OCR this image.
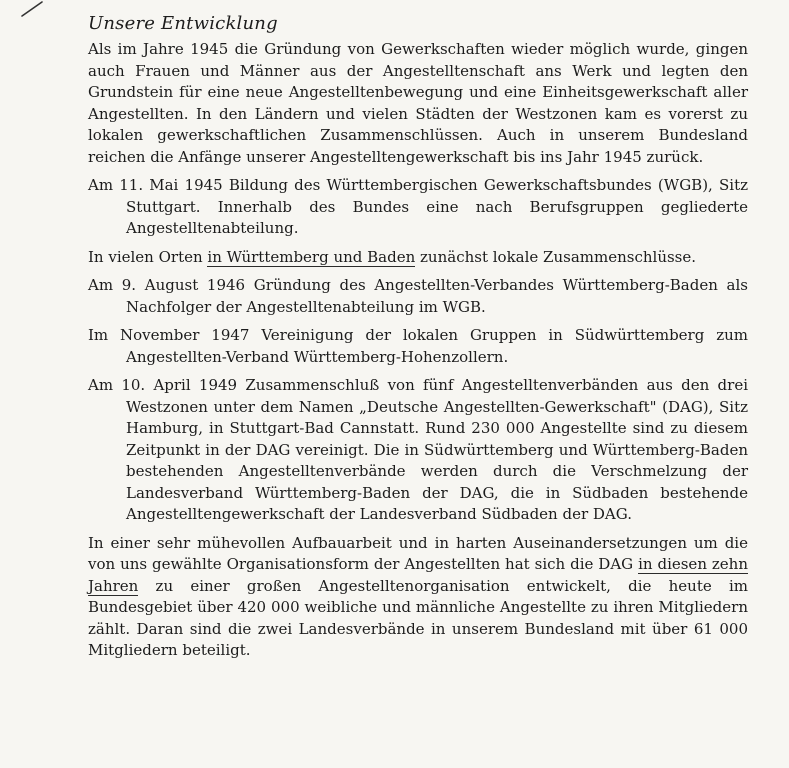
Unsere Entwicklung

Als im Jahre 1945 die Gründung von Gewerkschaften wieder möglich wurde, gingen auch Frauen und Männer aus der Angestelltenschaft ans Werk und legten den Grundstein für eine neue Angestelltenbewegung und eine Einheitsgewerkschaft aller Angestellten. In den Ländern und vielen Städten der Westzonen kam es vorerst zu lokalen gewerkschaftlichen Zusammenschlüssen. Auch in unserem Bundesland reichen die Anfänge unserer Angestelltengewerkschaft bis ins Jahr 1945 zurück.

Am 11. Mai 1945 Bildung des Württembergischen Gewerkschaftsbundes (WGB), Sitz Stuttgart. Innerhalb des Bundes eine nach Berufsgruppen gegliederte Angestelltenabteilung.

In vielen Orten in Württemberg und Baden zunächst lokale Zusammenschlüsse.

Am 9. August 1946 Gründung des Angestellten-Verbandes Württemberg-Baden als Nachfolger der Angestelltenabteilung im WGB.

Im November 1947 Vereinigung der lokalen Gruppen in Südwürttemberg zum Angestellten-Verband Württemberg-Hohenzollern.

Am 10. April 1949 Zusammenschluß von fünf Angestelltenverbänden aus den drei Westzonen unter dem Namen „Deutsche Angestellten-Gewerkschaft" (DAG), Sitz Hamburg, in Stuttgart-Bad Cannstatt. Rund 230 000 Angestellte sind zu diesem Zeitpunkt in der DAG vereinigt. Die in Südwürttemberg und Württemberg-Baden bestehenden Angestelltenverbände werden durch die Verschmelzung der Landesverband Württemberg-Baden der DAG, die in Südbaden bestehende Angestelltengewerkschaft der Landesverband Südbaden der DAG.

In einer sehr mühevollen Aufbauarbeit und in harten Auseinandersetzungen um die von uns gewählte Organisationsform der Angestellten hat sich die DAG in diesen zehn Jahren zu einer großen Angestelltenorganisation entwickelt, die heute im Bundesgebiet über 420 000 weibliche und männliche Angestellte zu ihren Mitgliedern zählt. Daran sind die zwei Landesverbände in unserem Bundesland mit über 61 000 Mitgliedern beteiligt.
